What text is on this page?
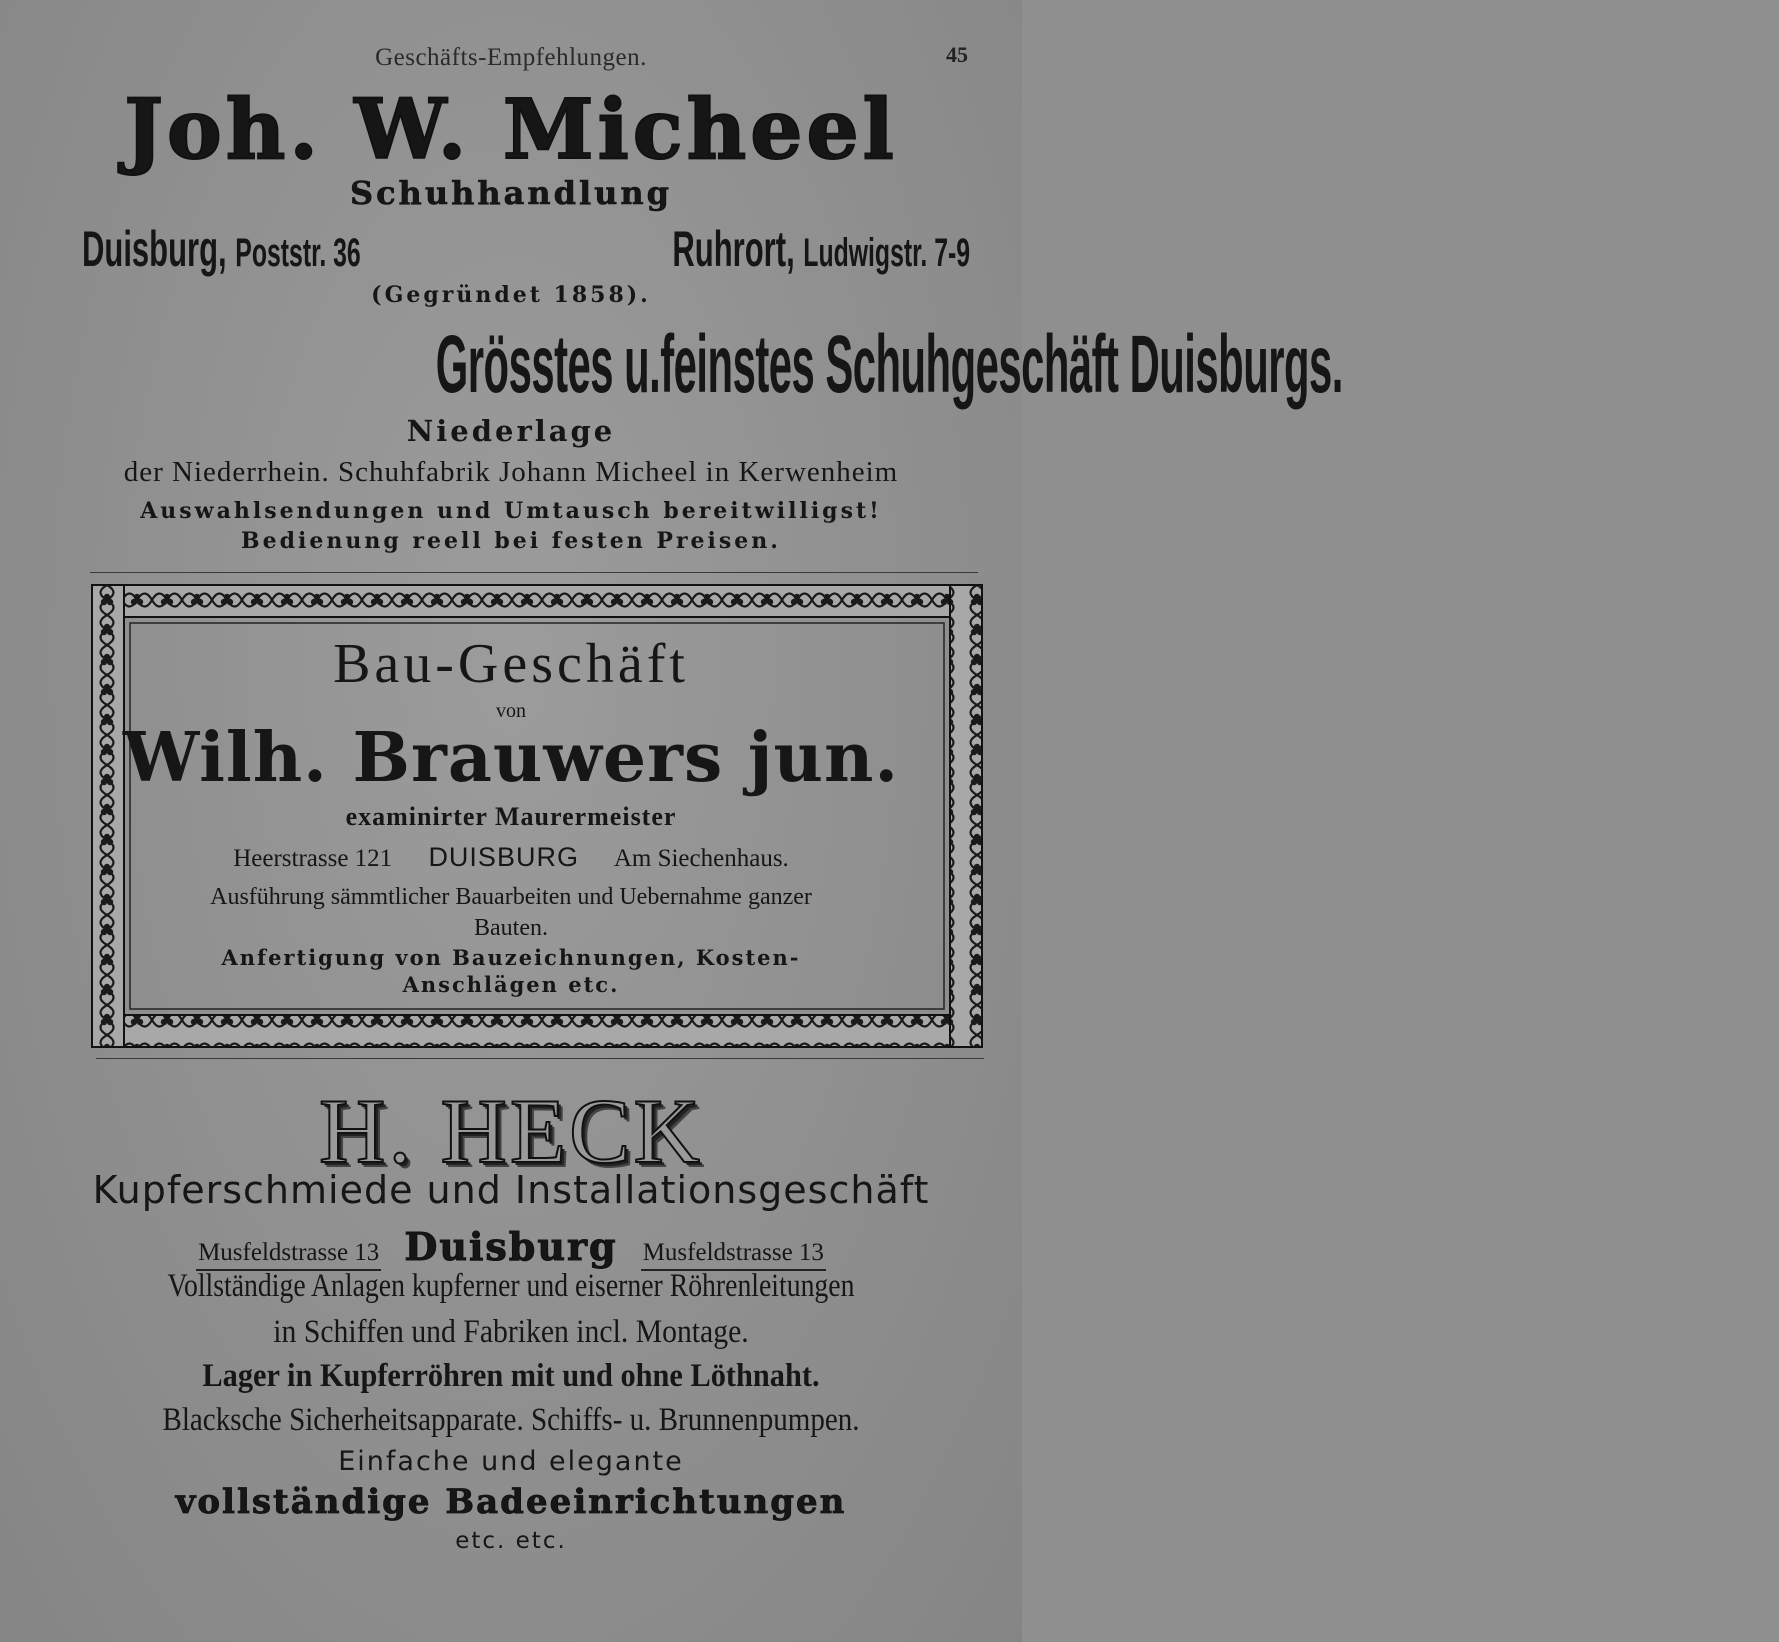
Geschäfts-Empfehlungen.	45
Joh. W. Micheel
Schuhhandlung
Duisburg, Poststr. 36	Ruhrort, Ludwigstr. 7-9
(Gegründet 1858).
Grösstes u.feinstes Schuhgeschäft Duisburgs.
Niederlage
der Niederrhein. Schuhfabrik Johann Micheel in Kerwenheim
Auswahlsendungen und Umtausch bereitwilligst!
Bedienung reell bei festen Preisen.
Bau-Geschäft
von
Wilh. Brauwers jun.
examinirter Maurermeister
Heerstrasse 121 DUISBURG Am Siechenhaus.
Ausführung sämmtlicher Bauarbeiten und Uebernahme ganzer
Bauten.
Anfertigung von Bauzeichnungen, Kosten-
Anschlägen etc.
H. HECK
Kupferschmiede und Installationsgeschäft
Musfeldstrasse 13 Duisburg Musfeldstrasse 13
Vollständige Anlagen kupferner und eiserner Röhrenleitungen
in Schiffen und Fabriken incl. Montage.
Lager in Kupferröhren mit und ohne Löthnaht.
Blacksche Sicherheitsapparate. Schiffs- u. Brunnenpumpen.
Einfache und elegante
vollständige Badeeinrichtungen
etc. etc.
